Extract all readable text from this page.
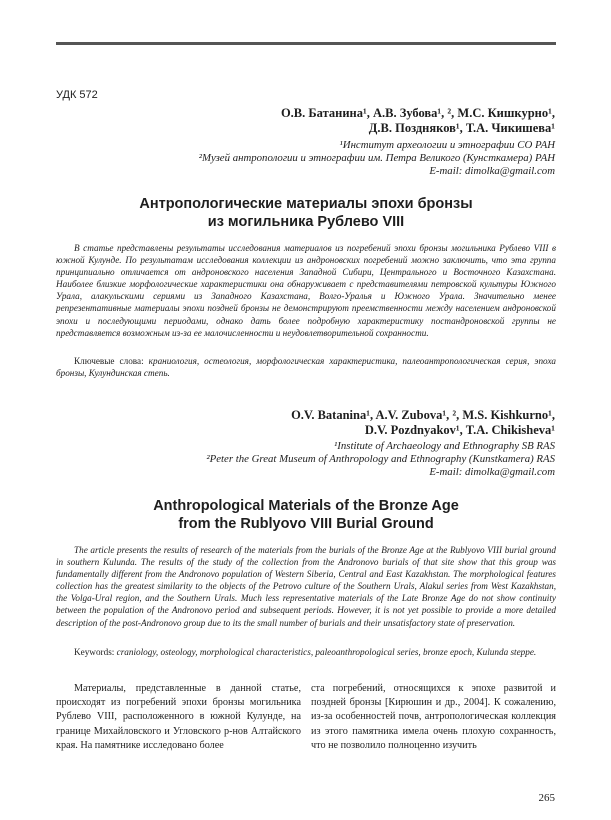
УДК 572
О.В. Батанина¹, А.В. Зубова¹, ², М.С. Кишкурно¹,
Д.В. Поздняков¹, Т.А. Чикишева¹
¹Институт археологии и этнографии СО РАН
²Музей антропологии и этнографии им. Петра Великого (Кунсткамера) РАН
E-mail: dimolka@gmail.com
Антропологические материалы эпохи бронзы
из могильника Рублево VIII
В статье представлены результаты исследования материалов из погребений эпохи бронзы могильника Рублево VIII в южной Кулунде. По результатам исследования коллекции из андроновских погребений можно заключить, что эта группа принципиально отличается от андроновского населения Западной Сибири, Центрального и Восточного Казахстана. Наиболее близкие морфологические характеристики она обнаруживает с представителями петровской культуры Южного Урала, алакульскими сериями из Западного Казахстана, Волго-Уралья и Южного Урала. Значительно менее репрезентативные материалы эпохи поздней бронзы не демонстрируют преемственности между населением андроновской эпохи и последующими периодами, однако дать более подробную характеристику постандроновской группы не представляется возможным из-за ее малочисленности и неудовлетворительной сохранности.
Ключевые слова: краниология, остеология, морфологическая характеристика, палеоантропологическая серия, эпоха бронзы, Кулундинская степь.
O.V. Batanina¹, A.V. Zubova¹, ², M.S. Kishkurno¹,
D.V. Pozdnyakov¹, T.A. Chikisheva¹
¹Institute of Archaeology and Ethnography SB RAS
²Peter the Great Museum of Anthropology and Ethnography (Kunstkamera) RAS
E-mail: dimolka@gmail.com
Anthropological Materials of the Bronze Age
from the Rublyovo VIII Burial Ground
The article presents the results of research of the materials from the burials of the Bronze Age at the Rublyovo VIII burial ground in southern Kulunda. The results of the study of the collection from the Andronovo burials of that site show that this group was fundamentally different from the Andronovo population of Western Siberia, Central and East Kazakhstan. The morphological features collection has the greatest similarity to the objects of the Petrovo culture of the Southern Urals, Alakul series from West Kazakhstan, the Volga-Ural region, and the Southern Urals. Much less representative materials of the Late Bronze Age do not show continuity between the population of the Andronovo period and subsequent periods. However, it is not yet possible to provide a more detailed description of the post-Andronovo group due to its the small number of burials and their unsatisfactory state of preservation.
Keywords: craniology, osteology, morphological characteristics, paleoanthropological series, bronze epoch, Kulunda steppe.
Материалы, представленные в данной статье, происходят из погребений эпохи бронзы могильника Рублево VIII, расположенного в южной Кулунде, на границе Михайловского и Угловского р-нов Алтайского края. На памятнике исследовано более
ста погребений, относящихся к эпохе развитой и поздней бронзы [Кирюшин и др., 2004]. К сожалению, из-за особенностей почв, антропологическая коллекция из этого памятника имела очень плохую сохранность, что не позволило полноценно изучить
265
